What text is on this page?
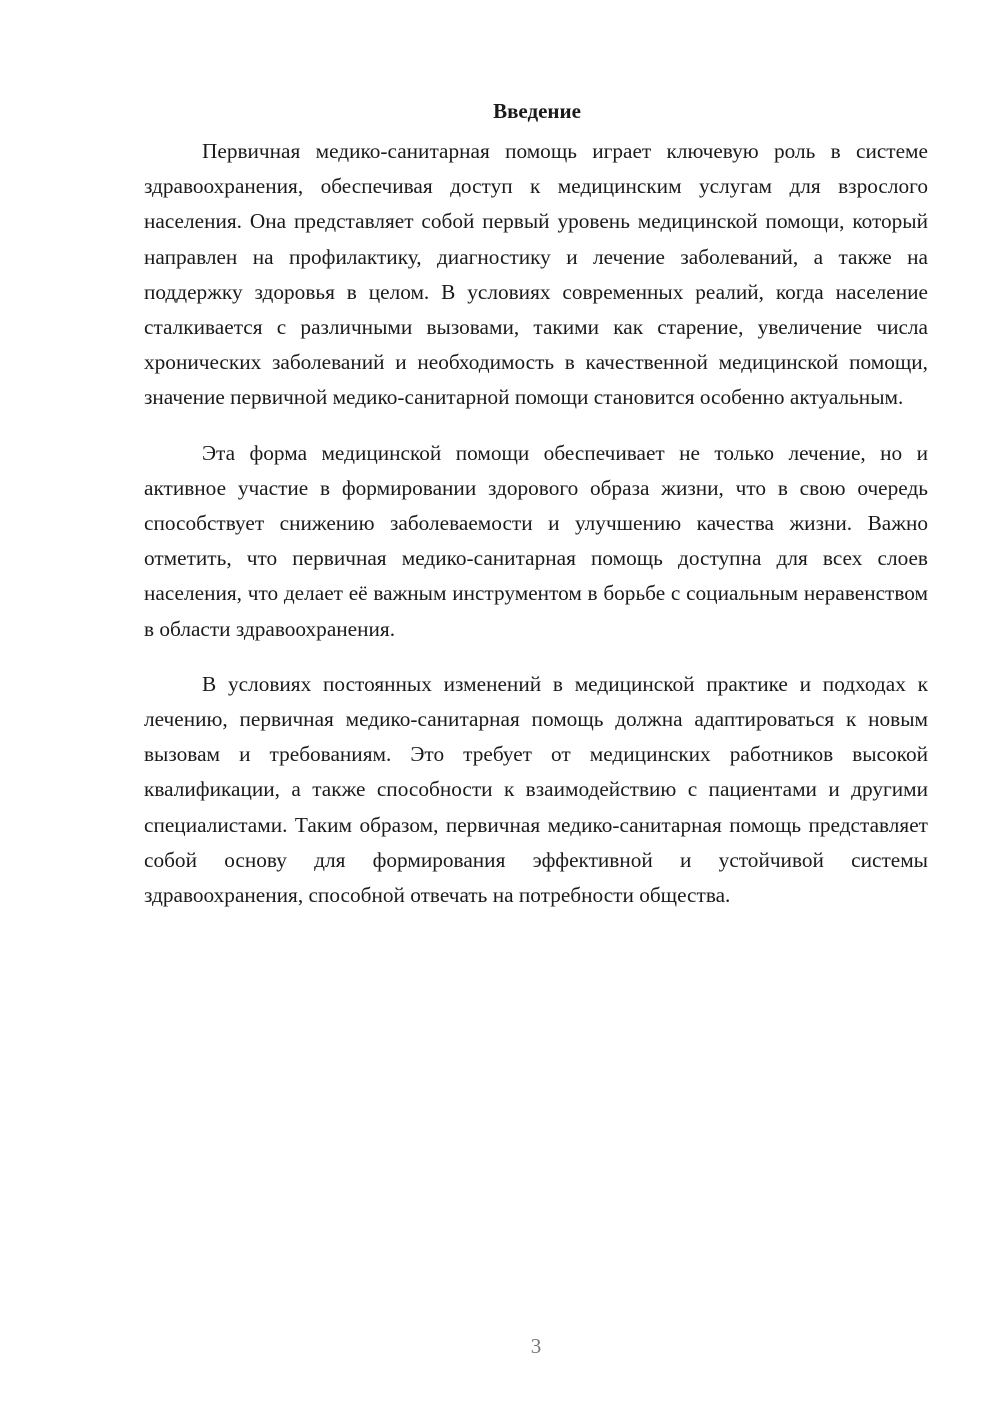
Введение

Первичная медико-санитарная помощь играет ключевую роль в системе здравоохранения, обеспечивая доступ к медицинским услугам для взрослого населения. Она представляет собой первый уровень медицинской помощи, который направлен на профилактику, диагностику и лечение заболеваний, а также на поддержку здоровья в целом. В условиях современных реалий, когда население сталкивается с различными вызовами, такими как старение, увеличение числа хронических заболеваний и необходимость в качественной медицинской помощи, значение первичной медико-санитарной помощи становится особенно актуальным.

Эта форма медицинской помощи обеспечивает не только лечение, но и активное участие в формировании здорового образа жизни, что в свою очередь способствует снижению заболеваемости и улучшению качества жизни. Важно отметить, что первичная медико-санитарная помощь доступна для всех слоев населения, что делает её важным инструментом в борьбе с социальным неравенством в области здравоохранения.

В условиях постоянных изменений в медицинской практике и подходах к лечению, первичная медико-санитарная помощь должна адаптироваться к новым вызовам и требованиям. Это требует от медицинских работников высокой квалификации, а также способности к взаимодействию с пациентами и другими специалистами. Таким образом, первичная медико-санитарная помощь представляет собой основу для формирования эффективной и устойчивой системы здравоохранения, способной отвечать на потребности общества.

3
